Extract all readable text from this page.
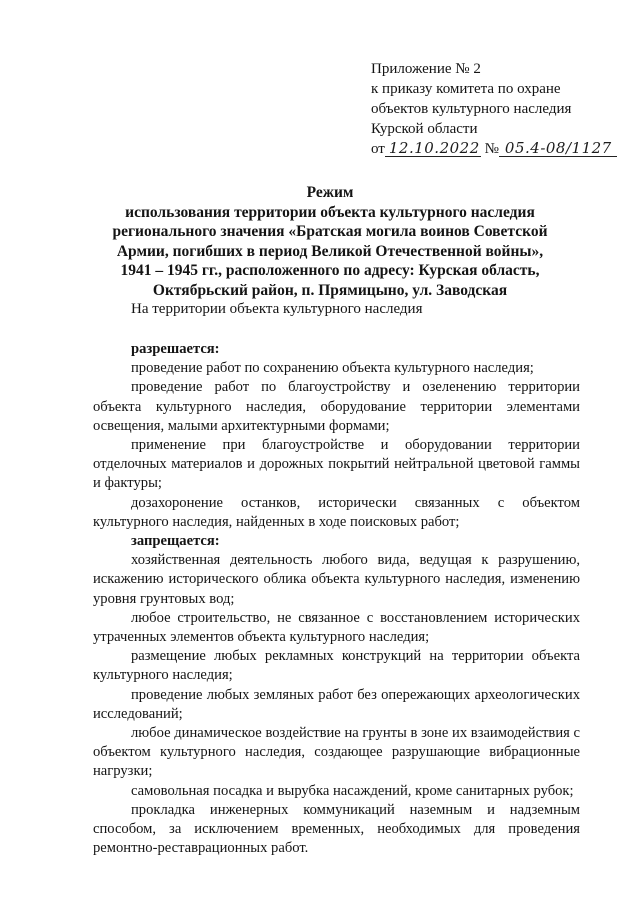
Приложение № 2
к приказу комитета по охране
объектов культурного наследия
Курской области
от 12.10.2022 № 05.4-08/1127
Режим
использования территории объекта культурного наследия
регионального значения «Братская могила воинов Советской
Армии, погибших в период Великой Отечественной войны»,
1941 – 1945 гг., расположенного по адресу: Курская область,
Октябрьский район, п. Прямицыно, ул. Заводская
На территории объекта культурного наследия
разрешается:
проведение работ по сохранению объекта культурного наследия;
проведение работ по благоустройству и озеленению территории объекта культурного наследия, оборудование территории элементами освещения, малыми архитектурными формами;
применение при благоустройстве и оборудовании территории отделочных материалов и дорожных покрытий нейтральной цветовой гаммы и фактуры;
дозахоронение останков, исторически связанных с объектом культурного наследия, найденных в ходе поисковых работ;
запрещается:
хозяйственная деятельность любого вида, ведущая к разрушению, искажению исторического облика объекта культурного наследия, изменению уровня грунтовых вод;
любое строительство, не связанное с восстановлением исторических утраченных элементов объекта культурного наследия;
размещение любых рекламных конструкций на территории объекта культурного наследия;
проведение любых земляных работ без опережающих археологических исследований;
любое динамическое воздействие на грунты в зоне их взаимодействия с объектом культурного наследия, создающее разрушающие вибрационные нагрузки;
самовольная посадка и вырубка насаждений, кроме санитарных рубок;
прокладка инженерных коммуникаций наземным и надземным способом, за исключением временных, необходимых для проведения ремонтно-реставрационных работ.
